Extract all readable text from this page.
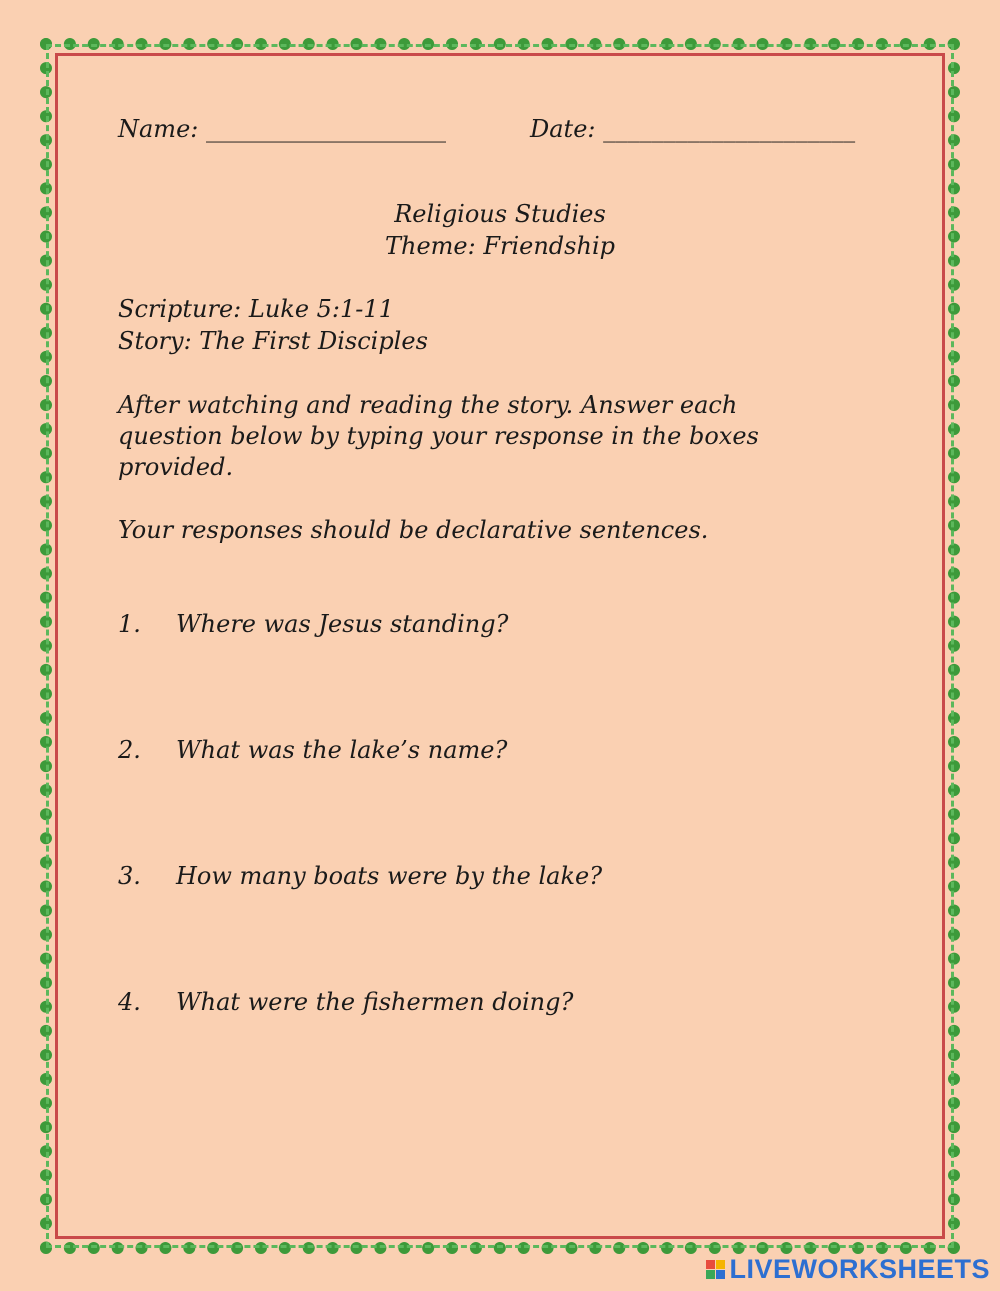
Name: ____________________	Date: _____________________
Religious Studies
Theme: Friendship
Scripture: Luke 5:1-11
Story: The First Disciples
After watching and reading the story. Answer each question below by typing your response in the boxes provided.
Your responses should be declarative sentences.
1. Where was Jesus standing?
2. What was the lake’s name?
3. How many boats were by the lake?
4. What were the fishermen doing?
LIVEWORKSHEETS
